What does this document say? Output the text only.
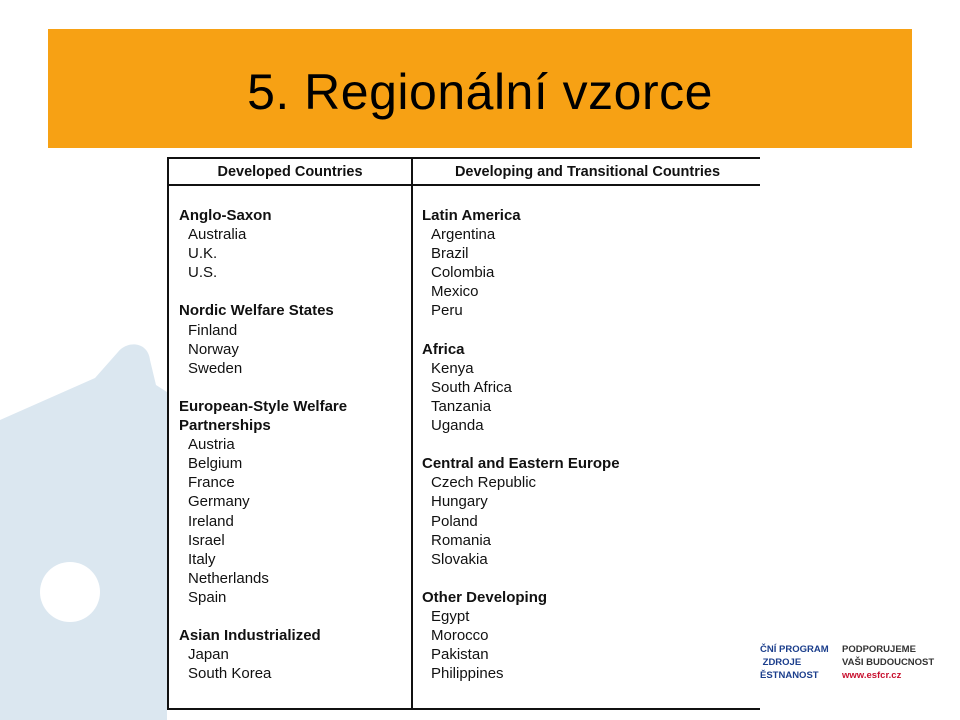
5. Regionální vzorce
Developed Countries	Developing and Transitional Countries
Anglo-Saxon
Australia
U.K.
U.S.
Nordic Welfare States
Finland
Norway
Sweden
European-Style Welfare
Partnerships
Austria
Belgium
France
Germany
Ireland
Israel
Italy
Netherlands
Spain
Asian Industrialized
Japan
South Korea
Latin America
Argentina
Brazil
Colombia
Mexico
Peru
Africa
Kenya
South Africa
Tanzania
Uganda
Central and Eastern Europe
Czech Republic
Hungary
Poland
Romania
Slovakia
Other Developing
Egypt
Morocco
Pakistan
Philippines
ČNÍ PROGRAM
ZDROJE
ĚSTNANOST
PODPORUJEME
VAŠI BUDOUCNOST
www.esfcr.cz
